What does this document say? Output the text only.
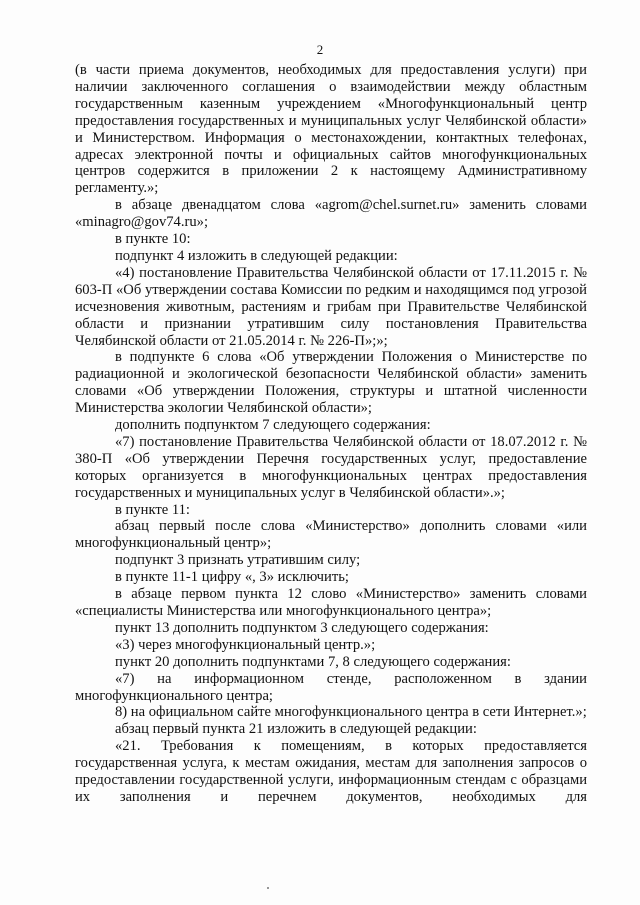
2

(в части приема документов, необходимых для предоставления услуги) при наличии заключенного соглашения о взаимодействии между областным государственным казенным учреждением «Многофункциональный центр предоставления государственных и муниципальных услуг Челябинской области» и Министерством. Информация о местонахождении, контактных телефонах, адресах электронной почты и официальных сайтов многофункциональных центров содержится в приложении 2 к настоящему Административному регламенту.»;

в абзаце двенадцатом слова «agrom@chel.surnet.ru» заменить словами «minagro@gov74.ru»;

в пункте 10:

подпункт 4 изложить в следующей редакции:

«4) постановление Правительства Челябинской области от 17.11.2015 г. № 603-П «Об утверждении состава Комиссии по редким и находящимся под угрозой исчезновения животным, растениям и грибам при Правительстве Челябинской области и признании утратившим силу постановления Правительства Челябинской области от 21.05.2014 г. № 226-П»;»;

в подпункте 6 слова «Об утверждении Положения о Министерстве по радиационной и экологической безопасности Челябинской области» заменить словами «Об утверждении Положения, структуры и штатной численности Министерства экологии Челябинской области»;

дополнить подпунктом 7 следующего содержания:

«7) постановление Правительства Челябинской области от 18.07.2012 г. № 380-П «Об утверждении Перечня государственных услуг, предоставление которых организуется в многофункциональных центрах предоставления государственных и муниципальных услуг в Челябинской области».»;

в пункте 11:

абзац первый после слова «Министерство» дополнить словами «или многофункциональный центр»;

подпункт 3 признать утратившим силу;

в пункте 11-1 цифру «, 3» исключить;

в абзаце первом пункта 12 слово «Министерство» заменить словами «специалисты Министерства или многофункционального центра»;

пункт 13 дополнить подпунктом 3 следующего содержания:

«3) через многофункциональный центр.»;

пункт 20 дополнить подпунктами 7, 8 следующего содержания:

«7) на информационном стенде, расположенном в здании многофункционального центра;

8) на официальном сайте многофункционального центра в сети Интернет.»;

абзац первый пункта 21 изложить в следующей редакции:

«21. Требования к помещениям, в которых предоставляется государственная услуга, к местам ожидания, местам для заполнения запросов о предоставлении государственной услуги, информационным стендам с образцами их заполнения и перечнем документов, необходимых для
